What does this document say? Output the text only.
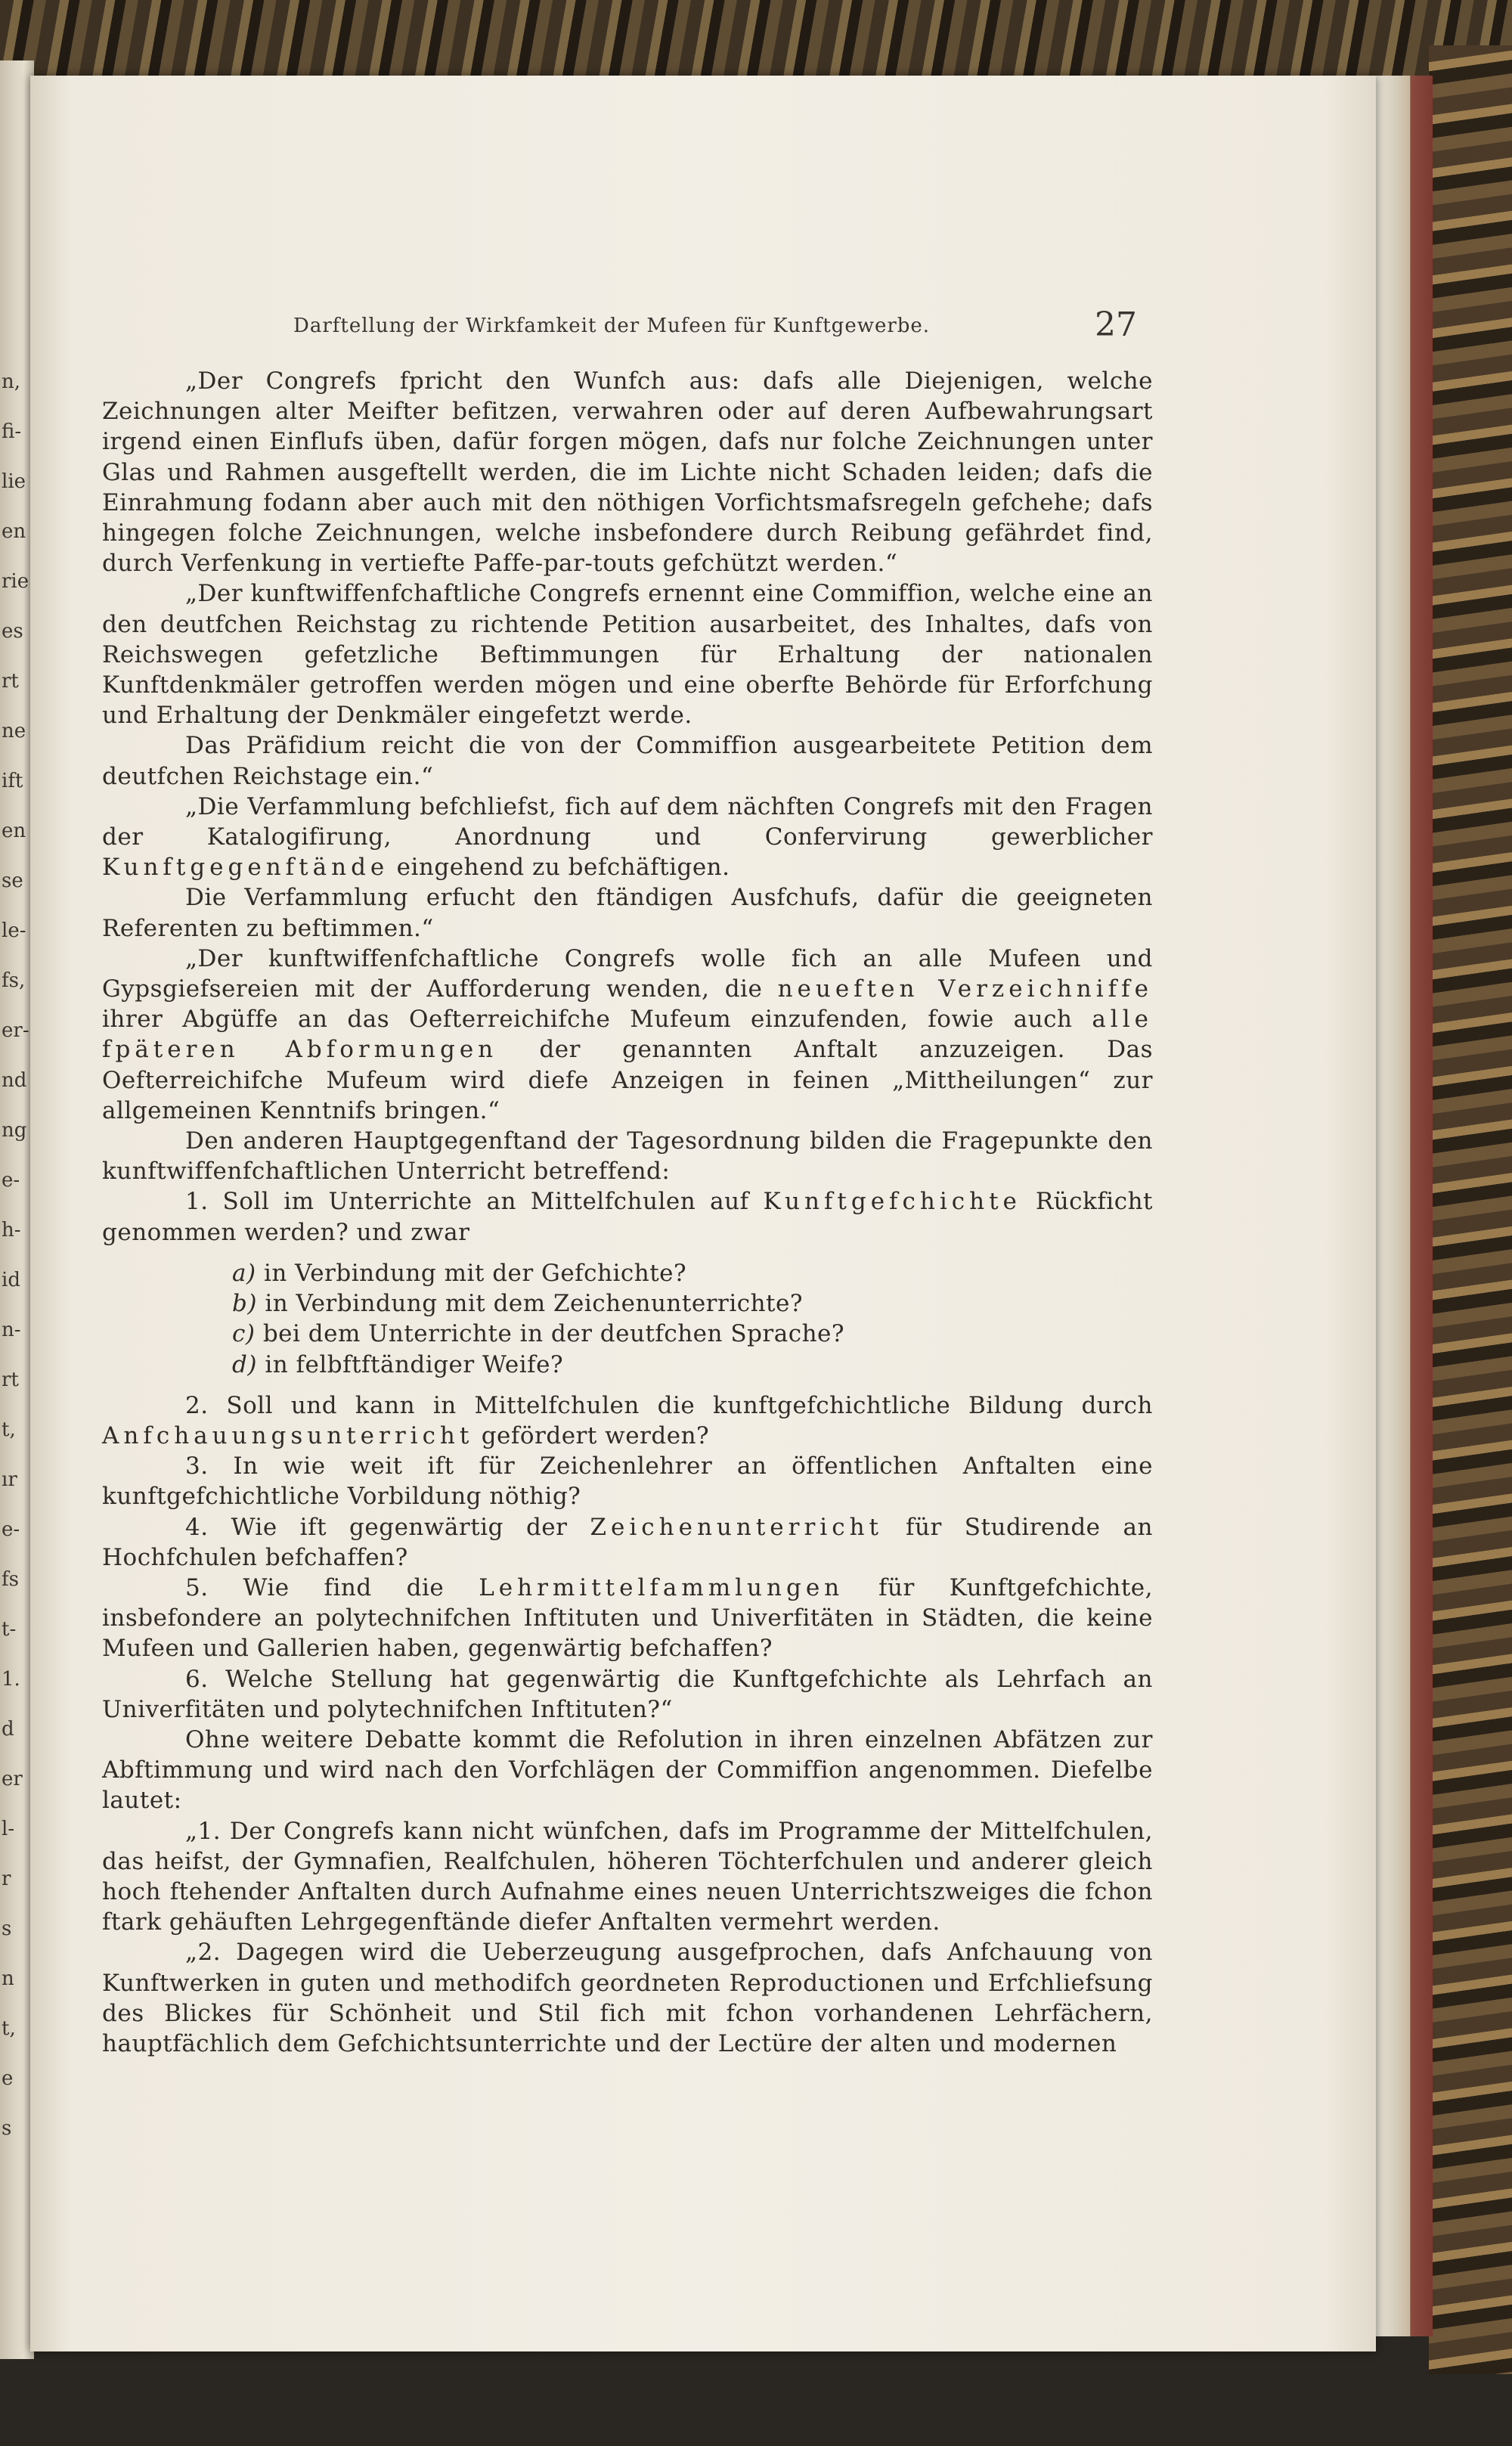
n,
fi-
lie
en
rie
es
rt
ne
ift
en
se
le-
fs,
er-
nd
ng
e-
h-
id
n-
rt
t,
ır
e-
fs
t-
1.
d
er
l-
r
s
n
t,
e
s
Darftellung der Wirkfamkeit der Mufeen für Kunftgewerbe.	27

„Der Congrefs fpricht den Wunfch aus: dafs alle Diejenigen, welche Zeichnungen alter Meifter befitzen, verwahren oder auf deren Aufbewahrungsart irgend einen Einflufs üben, dafür forgen mögen, dafs nur folche Zeichnungen unter Glas und Rahmen ausgeftellt werden, die im Lichte nicht Schaden leiden; dafs die Einrahmung fodann aber auch mit den nöthigen Vorfichtsmafsregeln gefchehe; dafs hingegen folche Zeichnungen, welche insbefondere durch Reibung gefährdet find, durch Verfenkung in vertiefte Paffe-par-touts gefchützt werden.“

„Der kunftwiffenfchaftliche Congrefs ernennt eine Commiffion, welche eine an den deutfchen Reichstag zu richtende Petition ausarbeitet, des Inhaltes, dafs von Reichswegen gefetzliche Beftimmungen für Erhaltung der nationalen Kunftdenkmäler getroffen werden mögen und eine oberfte Behörde für Erforfchung und Erhaltung der Denkmäler eingefetzt werde.

Das Präfidium reicht die von der Commiffion ausgearbeitete Petition dem deutfchen Reichstage ein.“

„Die Verfammlung befchliefst, fich auf dem nächften Congrefs mit den Fragen der Katalogifirung, Anordnung und Confervirung gewerblicher Kunftgegenftände eingehend zu befchäftigen.

Die Verfammlung erfucht den ftändigen Ausfchufs, dafür die geeigneten Referenten zu beftimmen.“

„Der kunftwiffenfchaftliche Congrefs wolle fich an alle Mufeen und Gypsgiefsereien mit der Aufforderung wenden, die neueften Verzeichniffe ihrer Abgüffe an das Oefterreichifche Mufeum einzufenden, fowie auch alle fpäteren Abformungen der genannten Anftalt anzuzeigen. Das Oefterreichifche Mufeum wird diefe Anzeigen in feinen „Mittheilungen“ zur allgemeinen Kenntnifs bringen.“

Den anderen Hauptgegenftand der Tagesordnung bilden die Fragepunkte den kunftwiffenfchaftlichen Unterricht betreffend:

1. Soll im Unterrichte an Mittelfchulen auf Kunftgefchichte Rückficht genommen werden? und zwar

a) in Verbindung mit der Gefchichte?

b) in Verbindung mit dem Zeichenunterrichte?

c) bei dem Unterrichte in der deutfchen Sprache?

d) in felbftftändiger Weife?

2. Soll und kann in Mittelfchulen die kunftgefchichtliche Bildung durch Anfchauungsunterricht gefördert werden?

3. In wie weit ift für Zeichenlehrer an öffentlichen Anftalten eine kunftgefchichtliche Vorbildung nöthig?

4. Wie ift gegenwärtig der Zeichenunterricht für Studirende an Hochfchulen befchaffen?

5. Wie find die Lehrmittelfammlungen für Kunftgefchichte, insbefondere an polytechnifchen Inftituten und Univerfitäten in Städten, die keine Mufeen und Gallerien haben, gegenwärtig befchaffen?

6. Welche Stellung hat gegenwärtig die Kunftgefchichte als Lehrfach an Univerfitäten und polytechnifchen Inftituten?“

Ohne weitere Debatte kommt die Refolution in ihren einzelnen Abfätzen zur Abftimmung und wird nach den Vorfchlägen der Commiffion angenommen. Diefelbe lautet:

„1. Der Congrefs kann nicht wünfchen, dafs im Programme der Mittelfchulen, das heifst, der Gymnafien, Realfchulen, höheren Töchterfchulen und anderer gleich hoch ftehender Anftalten durch Aufnahme eines neuen Unterrichtszweiges die fchon ftark gehäuften Lehrgegenftände diefer Anftalten vermehrt werden.

„2. Dagegen wird die Ueberzeugung ausgefprochen, dafs Anfchauung von Kunftwerken in guten und methodifch geordneten Reproductionen und Erfchliefsung des Blickes für Schönheit und Stil fich mit fchon vorhandenen Lehrfächern, hauptfächlich dem Gefchichtsunterrichte und der Lectüre der alten und modernen
